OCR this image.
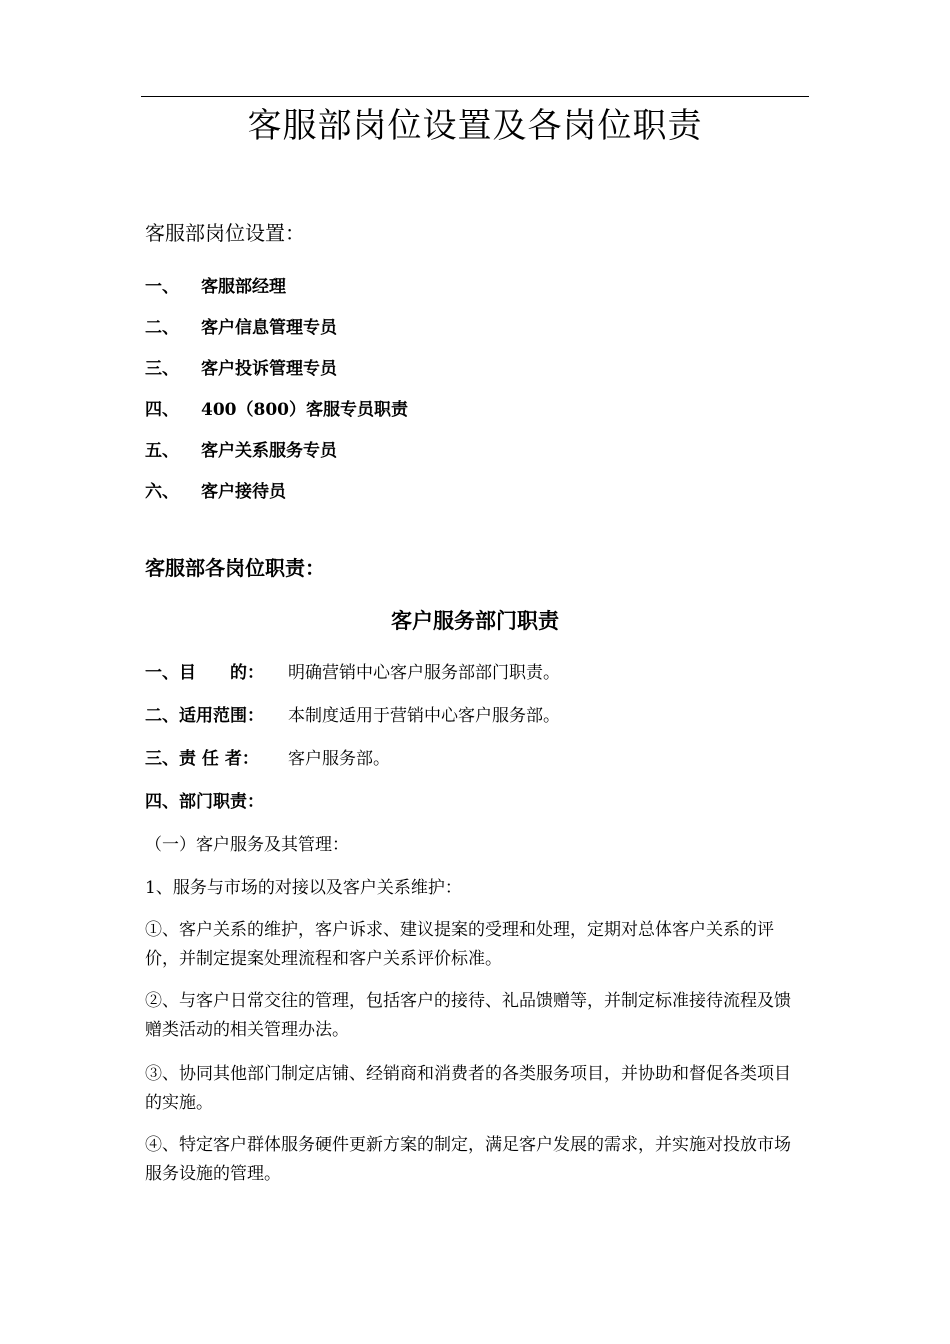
客服部岗位设置及各岗位职责
客服部岗位设置：
一、	客服部经理
二、	客户信息管理专员
三、	客户投诉管理专员
四、	400（800）客服专员职责
五、	客户关系服务专员
六、	客户接待员
客服部各岗位职责：
客户服务部门职责
一、目　　的： 明确营销中心客户服务部部门职责。
二、适用范围： 本制度适用于营销中心客户服务部。
三、责 任 者： 客户服务部。
四、部门职责：
（一）客户服务及其管理：
1、服务与市场的对接以及客户关系维护：
①、客户关系的维护，客户诉求、建议提案的受理和处理，定期对总体客户关系的评价，并制定提案处理流程和客户关系评价标准。
②、与客户日常交往的管理，包括客户的接待、礼品馈赠等，并制定标准接待流程及馈赠类活动的相关管理办法。
③、协同其他部门制定店铺、经销商和消费者的各类服务项目，并协助和督促各类项目的实施。
④、特定客户群体服务硬件更新方案的制定，满足客户发展的需求，并实施对投放市场服务设施的管理。
